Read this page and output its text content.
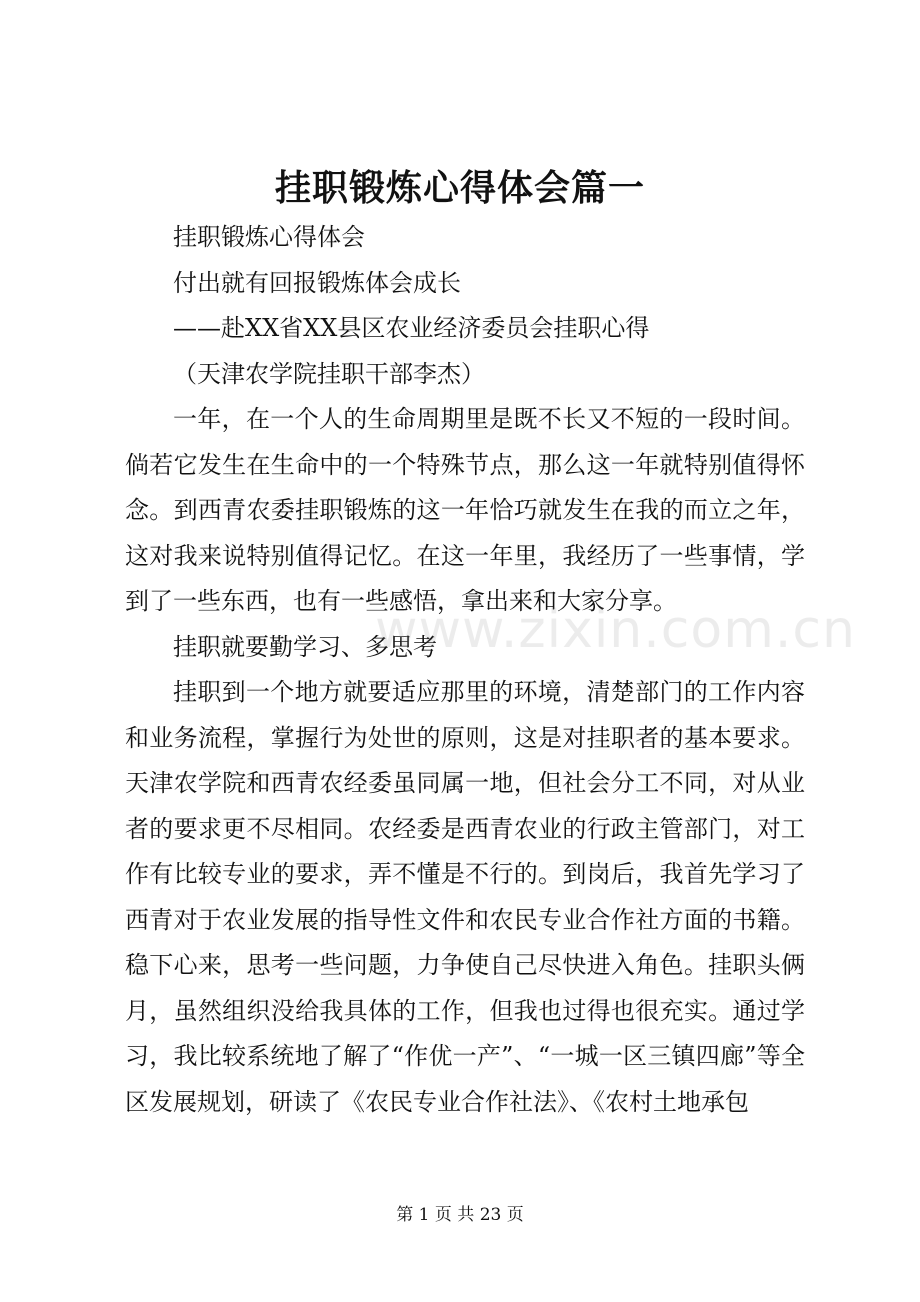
挂职锻炼心得体会篇一
挂职锻炼心得体会
付出就有回报锻炼体会成长
——赴XX省XX县区农业经济委员会挂职心得
（天津农学院挂职干部李杰）
一年，在一个人的生命周期里是既不长又不短的一段时间。倘若它发生在生命中的一个特殊节点，那么这一年就特别值得怀念。到西青农委挂职锻炼的这一年恰巧就发生在我的而立之年，这对我来说特别值得记忆。在这一年里，我经历了一些事情，学到了一些东西，也有一些感悟，拿出来和大家分享。
挂职就要勤学习、多思考
挂职到一个地方就要适应那里的环境，清楚部门的工作内容和业务流程，掌握行为处世的原则，这是对挂职者的基本要求。天津农学院和西青农经委虽同属一地，但社会分工不同，对从业者的要求更不尽相同。农经委是西青农业的行政主管部门，对工作有比较专业的要求，弄不懂是不行的。到岗后，我首先学习了西青对于农业发展的指导性文件和农民专业合作社方面的书籍。稳下心来，思考一些问题，力争使自己尽快进入角色。挂职头俩月，虽然组织没给我具体的工作，但我也过得也很充实。通过学习，我比较系统地了解了“作优一产”、“一城一区三镇四廊”等全区发展规划，研读了《农民专业合作社法》、《农村土地承包
www.zixin.com.cn
第 1 页 共 23 页
